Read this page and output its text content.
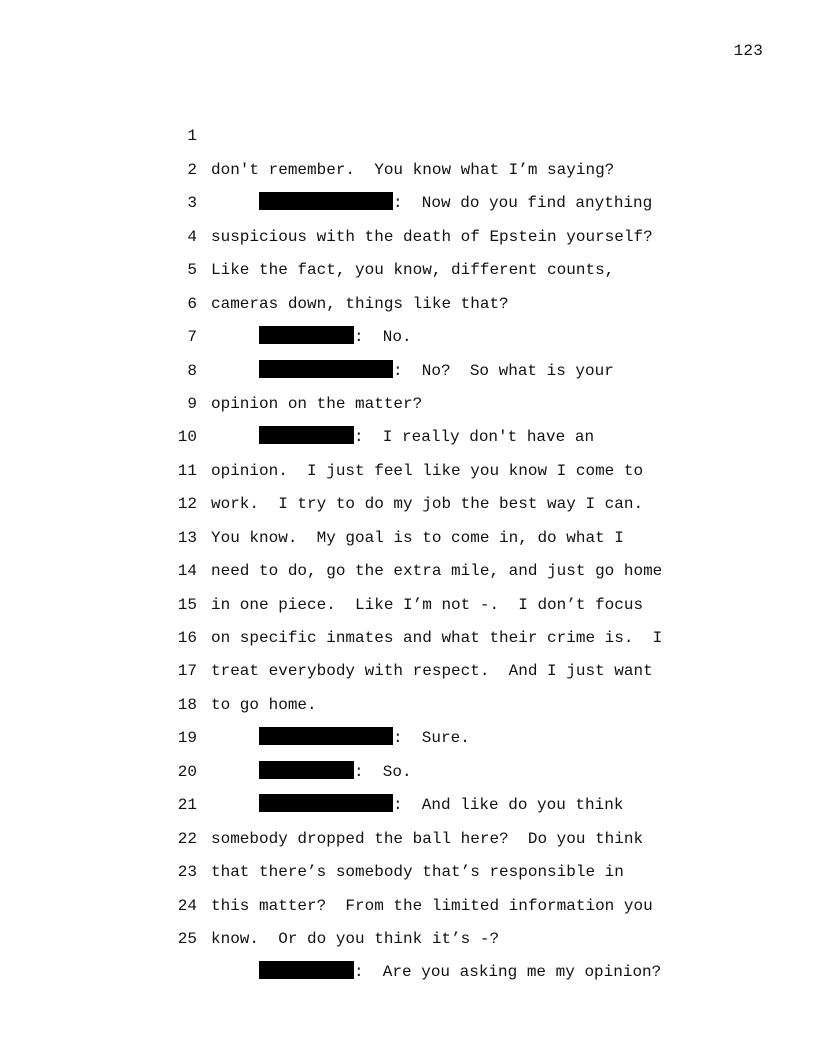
123

1

don't remember.  You know what I’m saying?

2

:  Now do you find anything

3

suspicious with the death of Epstein yourself?

4

Like the fact, you know, different counts,

5

cameras down, things like that?

6

:  No.

7

:  No?  So what is your

8

opinion on the matter?

9

:  I really don't have an

10

opinion.  I just feel like you know I come to

11

work.  I try to do my job the best way I can.

12

You know.  My goal is to come in, do what I

13

need to do, go the extra mile, and just go home

14

in one piece.  Like I’m not -.  I don’t focus

15

on specific inmates and what their crime is.  I

16

treat everybody with respect.  And I just want

17

to go home.

18

:  Sure.

19

:  So.

20

:  And like do you think

21

somebody dropped the ball here?  Do you think

22

that there’s somebody that’s responsible in

23

this matter?  From the limited information you

24

know.  Or do you think it’s -?

25

:  Are you asking me my opinion?
